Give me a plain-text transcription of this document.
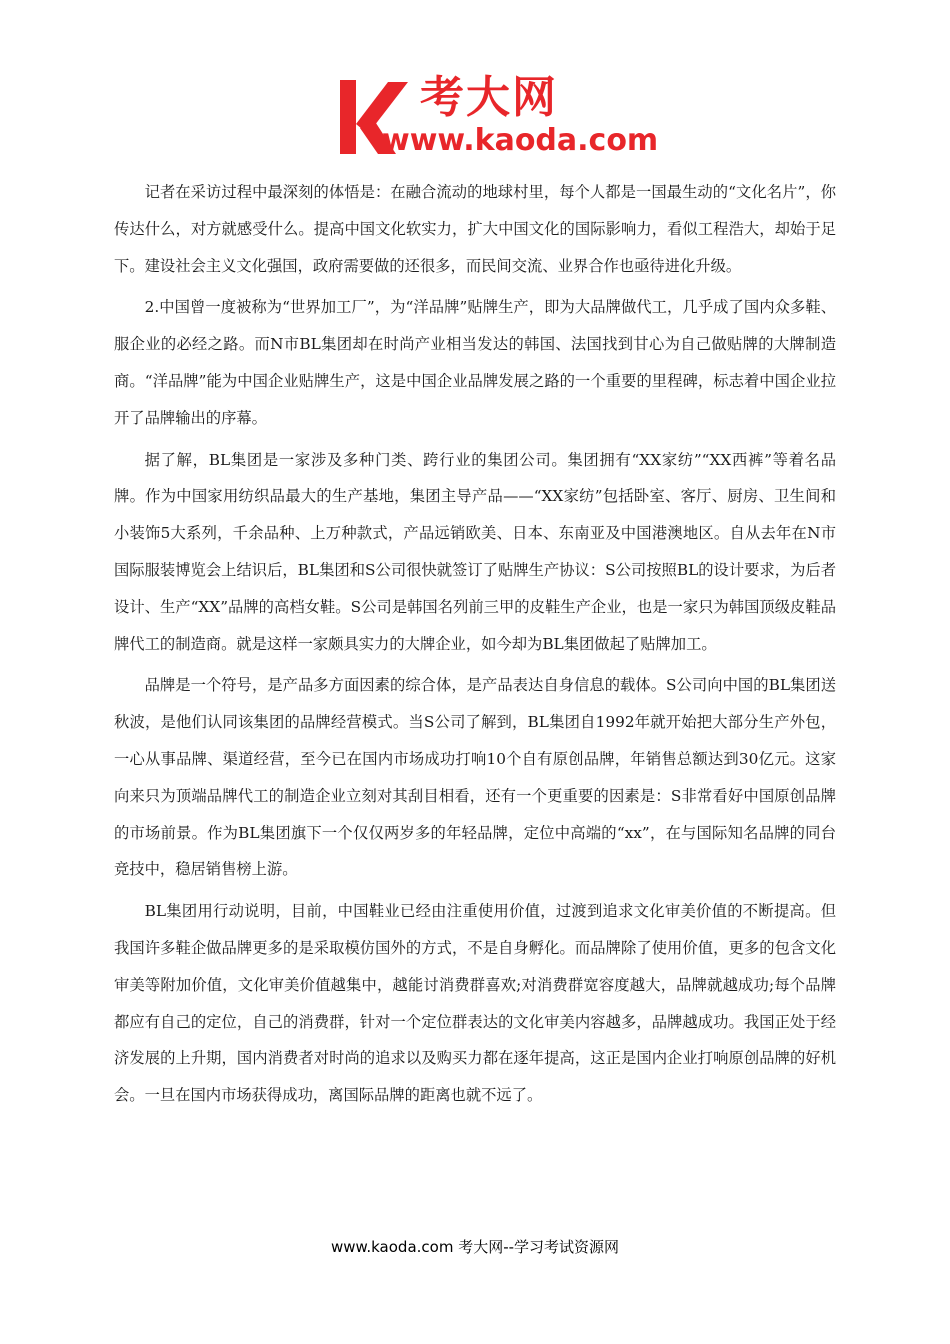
考大网
www.kaoda.com

记者在采访过程中最深刻的体悟是：在融合流动的地球村里，每个人都是一国最生动的“文化名片”，你传达什么，对方就感受什么。提高中国文化软实力，扩大中国文化的国际影响力，看似工程浩大，却始于足下。建设社会主义文化强国，政府需要做的还很多，而民间交流、业界合作也亟待进化升级。

2.中国曾一度被称为“世界加工厂”，为“洋品牌”贴牌生产，即为大品牌做代工，几乎成了国内众多鞋、服企业的必经之路。而N市BL集团却在时尚产业相当发达的韩国、法国找到甘心为自己做贴牌的大牌制造商。“洋品牌”能为中国企业贴牌生产，这是中国企业品牌发展之路的一个重要的里程碑，标志着中国企业拉开了品牌输出的序幕。

据了解，BL集团是一家涉及多种门类、跨行业的集团公司。集团拥有“XX家纺”“XX西裤”等着名品牌。作为中国家用纺织品最大的生产基地，集团主导产品——“XX家纺”包括卧室、客厅、厨房、卫生间和小装饰5大系列，千余品种、上万种款式，产品远销欧美、日本、东南亚及中国港澳地区。自从去年在N市国际服装博览会上结识后，BL集团和S公司很快就签订了贴牌生产协议：S公司按照BL的设计要求，为后者设计、生产“XX”品牌的高档女鞋。S公司是韩国名列前三甲的皮鞋生产企业，也是一家只为韩国顶级皮鞋品牌代工的制造商。就是这样一家颇具实力的大牌企业，如今却为BL集团做起了贴牌加工。

品牌是一个符号，是产品多方面因素的综合体，是产品表达自身信息的载体。S公司向中国的BL集团送秋波，是他们认同该集团的品牌经营模式。当S公司了解到，BL集团自1992年就开始把大部分生产外包，一心从事品牌、渠道经营，至今已在国内市场成功打响10个自有原创品牌，年销售总额达到30亿元。这家向来只为顶端品牌代工的制造企业立刻对其刮目相看，还有一个更重要的因素是：S非常看好中国原创品牌的市场前景。作为BL集团旗下一个仅仅两岁多的年轻品牌，定位中高端的“xx”，在与国际知名品牌的同台竞技中，稳居销售榜上游。

BL集团用行动说明，目前，中国鞋业已经由注重使用价值，过渡到追求文化审美价值的不断提高。但我国许多鞋企做品牌更多的是采取模仿国外的方式，不是自身孵化。而品牌除了使用价值，更多的包含文化审美等附加价值，文化审美价值越集中，越能讨消费群喜欢;对消费群宽容度越大，品牌就越成功;每个品牌都应有自己的定位，自己的消费群，针对一个定位群表达的文化审美内容越多，品牌越成功。我国正处于经济发展的上升期，国内消费者对时尚的追求以及购买力都在逐年提高，这正是国内企业打响原创品牌的好机会。一旦在国内市场获得成功，离国际品牌的距离也就不远了。

www.kaoda.com 考大网--学习考试资源网
